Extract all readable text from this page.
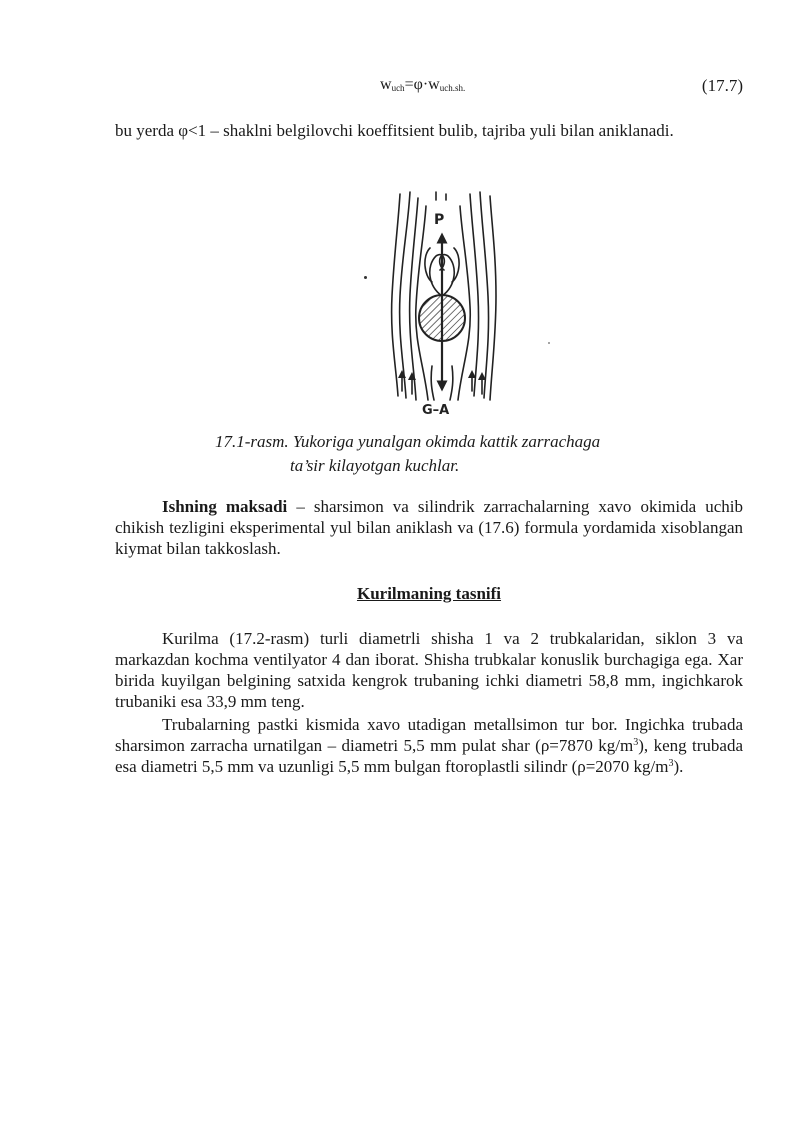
$w_{uch}=\varphi\cdot w_{uch.sh.}$	(17.7)
bu yerda φ<1 – shaklni belgilovchi koeffitsient bulib, tajriba yuli bilan aniklanadi.
P
G–A
17.1-rasm. Yukoriga yunalgan okimda kattik zarrachaga
ta’sir kilayotgan kuchlar.
Ishning maksadi – sharsimon va silindrik zarrachalarning xavo okimida uchib chikish tezligini eksperimental yul bilan aniklash va (17.6) formula yordamida xisoblangan kiymat bilan takkoslash.
Kurilmaning tasnifi
Kurilma (17.2-rasm) turli diametrli shisha 1 va 2 trubkalaridan, siklon 3 va markazdan kochma ventilyator 4 dan iborat. Shisha trubkalar konuslik burchagiga ega. Xar birida kuyilgan belgining satxida kengrok trubaning ichki diametri 58,8 mm, ingichkarok trubaniki esa 33,9 mm teng.
Trubalarning pastki kismida xavo utadigan metallsimon tur bor. Ingichka trubada sharsimon zarracha urnatilgan – diametri 5,5 mm pulat shar (ρ=7870 $kg/m^3$), keng trubada esa diametri 5,5 mm va uzunligi 5,5 mm bulgan ftoroplastli silindr (ρ=2070 $kg/m^3$).
